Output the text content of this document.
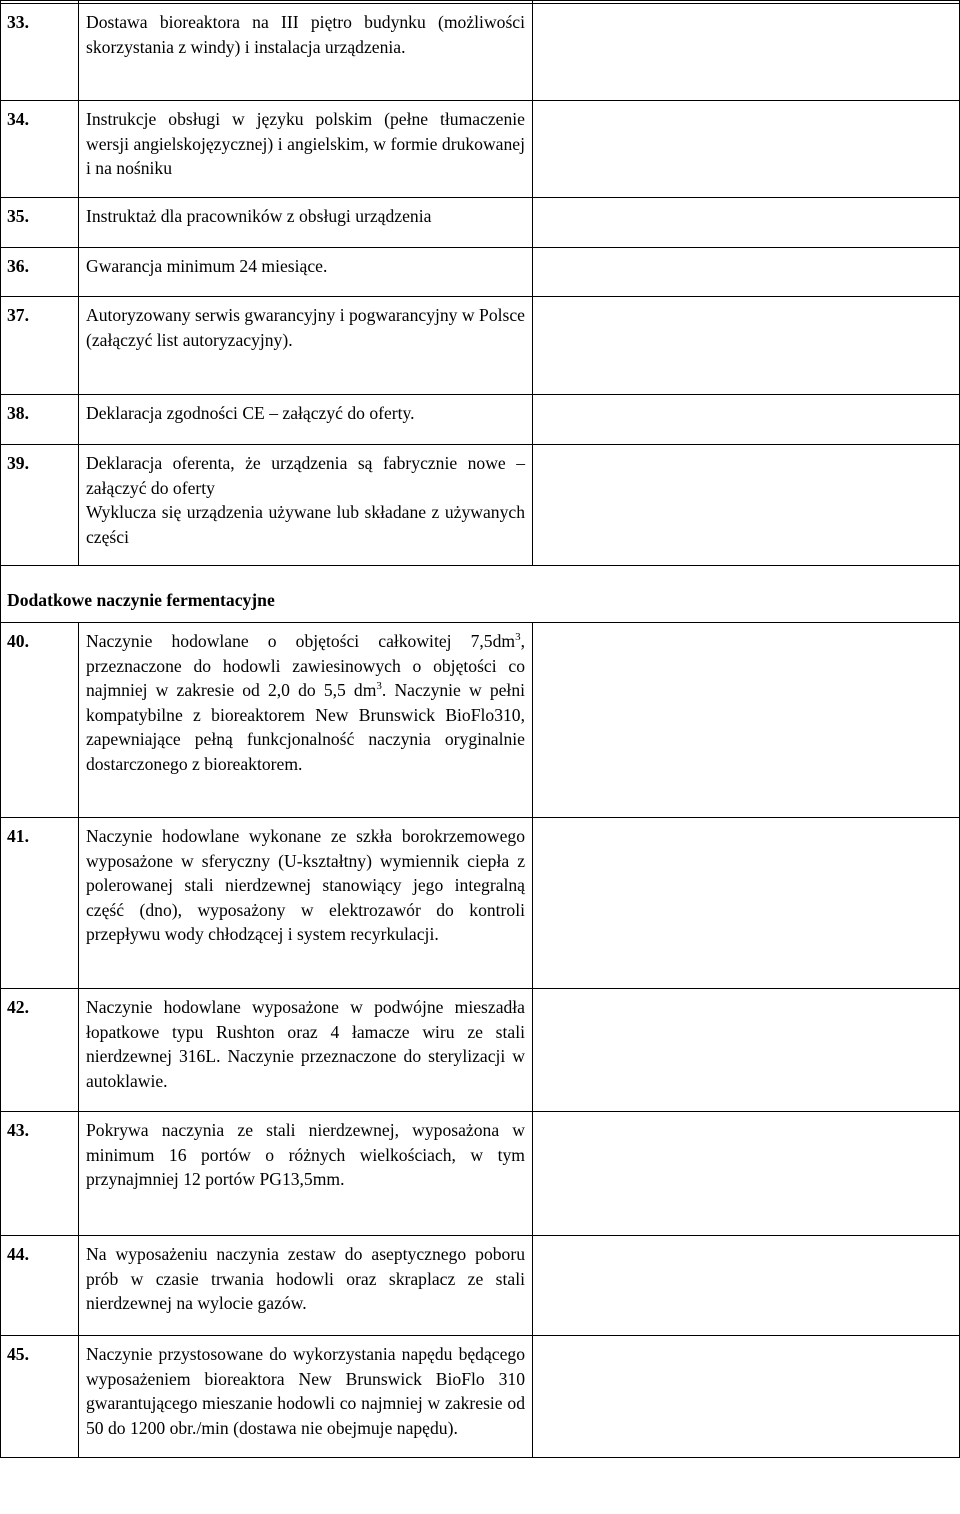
33.	Dostawa bioreaktora na III piętro budynku (możliwości skorzystania z windy) i instalacja urządzenia.	

34.	Instrukcje obsługi w języku polskim (pełne tłumaczenie wersji angielskojęzycznej) i angielskim, w formie drukowanej i na nośniku	

35.	Instruktaż dla pracowników z obsługi urządzenia	

36.	Gwarancja minimum 24 miesiące.	

37.	Autoryzowany serwis gwarancyjny i pogwarancyjny w Polsce (załączyć list autoryzacyjny).	

38.	Deklaracja zgodności CE – załączyć do oferty.	

39.	Deklaracja oferenta, że urządzenia są fabrycznie nowe – załączyć do oferty
Wyklucza się urządzenia używane lub składane z używanych części	

Dodatkowe naczynie fermentacyjne		
40.	Naczynie hodowlane o objętości całkowitej $7,5dm^3$, przeznaczone do hodowli zawiesinowych o objętości co najmniej w zakresie od 2,0 do 5,5 $dm^3$. Naczynie w pełni kompatybilne z bioreaktorem New Brunswick BioFlo310, zapewniające pełną funkcjonalność naczynia oryginalnie dostarczonego z bioreaktorem.	

41.	Naczynie hodowlane wykonane ze szkła borokrzemowego wyposażone w sferyczny (U-kształtny) wymiennik ciepła z polerowanej stali nierdzewnej stanowiący jego integralną część (dno), wyposażony w elektrozawór do kontroli przepływu wody chłodzącej i system recyrkulacji.	

42.	Naczynie hodowlane wyposażone w podwójne mieszadła łopatkowe typu Rushton oraz 4 łamacze wiru ze stali nierdzewnej 316L. Naczynie przeznaczone do sterylizacji w autoklawie.	

43.	Pokrywa naczynia ze stali nierdzewnej, wyposażona w minimum 16 portów o różnych wielkościach, w tym przynajmniej 12 portów PG13,5mm.	

44.	Na wyposażeniu naczynia zestaw do aseptycznego poboru prób w czasie trwania hodowli oraz skraplacz ze stali nierdzewnej na wylocie gazów.	

45.	Naczynie przystosowane do wykorzystania napędu będącego wyposażeniem bioreaktora New Brunswick BioFlo 310 gwarantującego mieszanie hodowli co najmniej w zakresie od 50 do 1200 obr./min (dostawa nie obejmuje napędu).	
